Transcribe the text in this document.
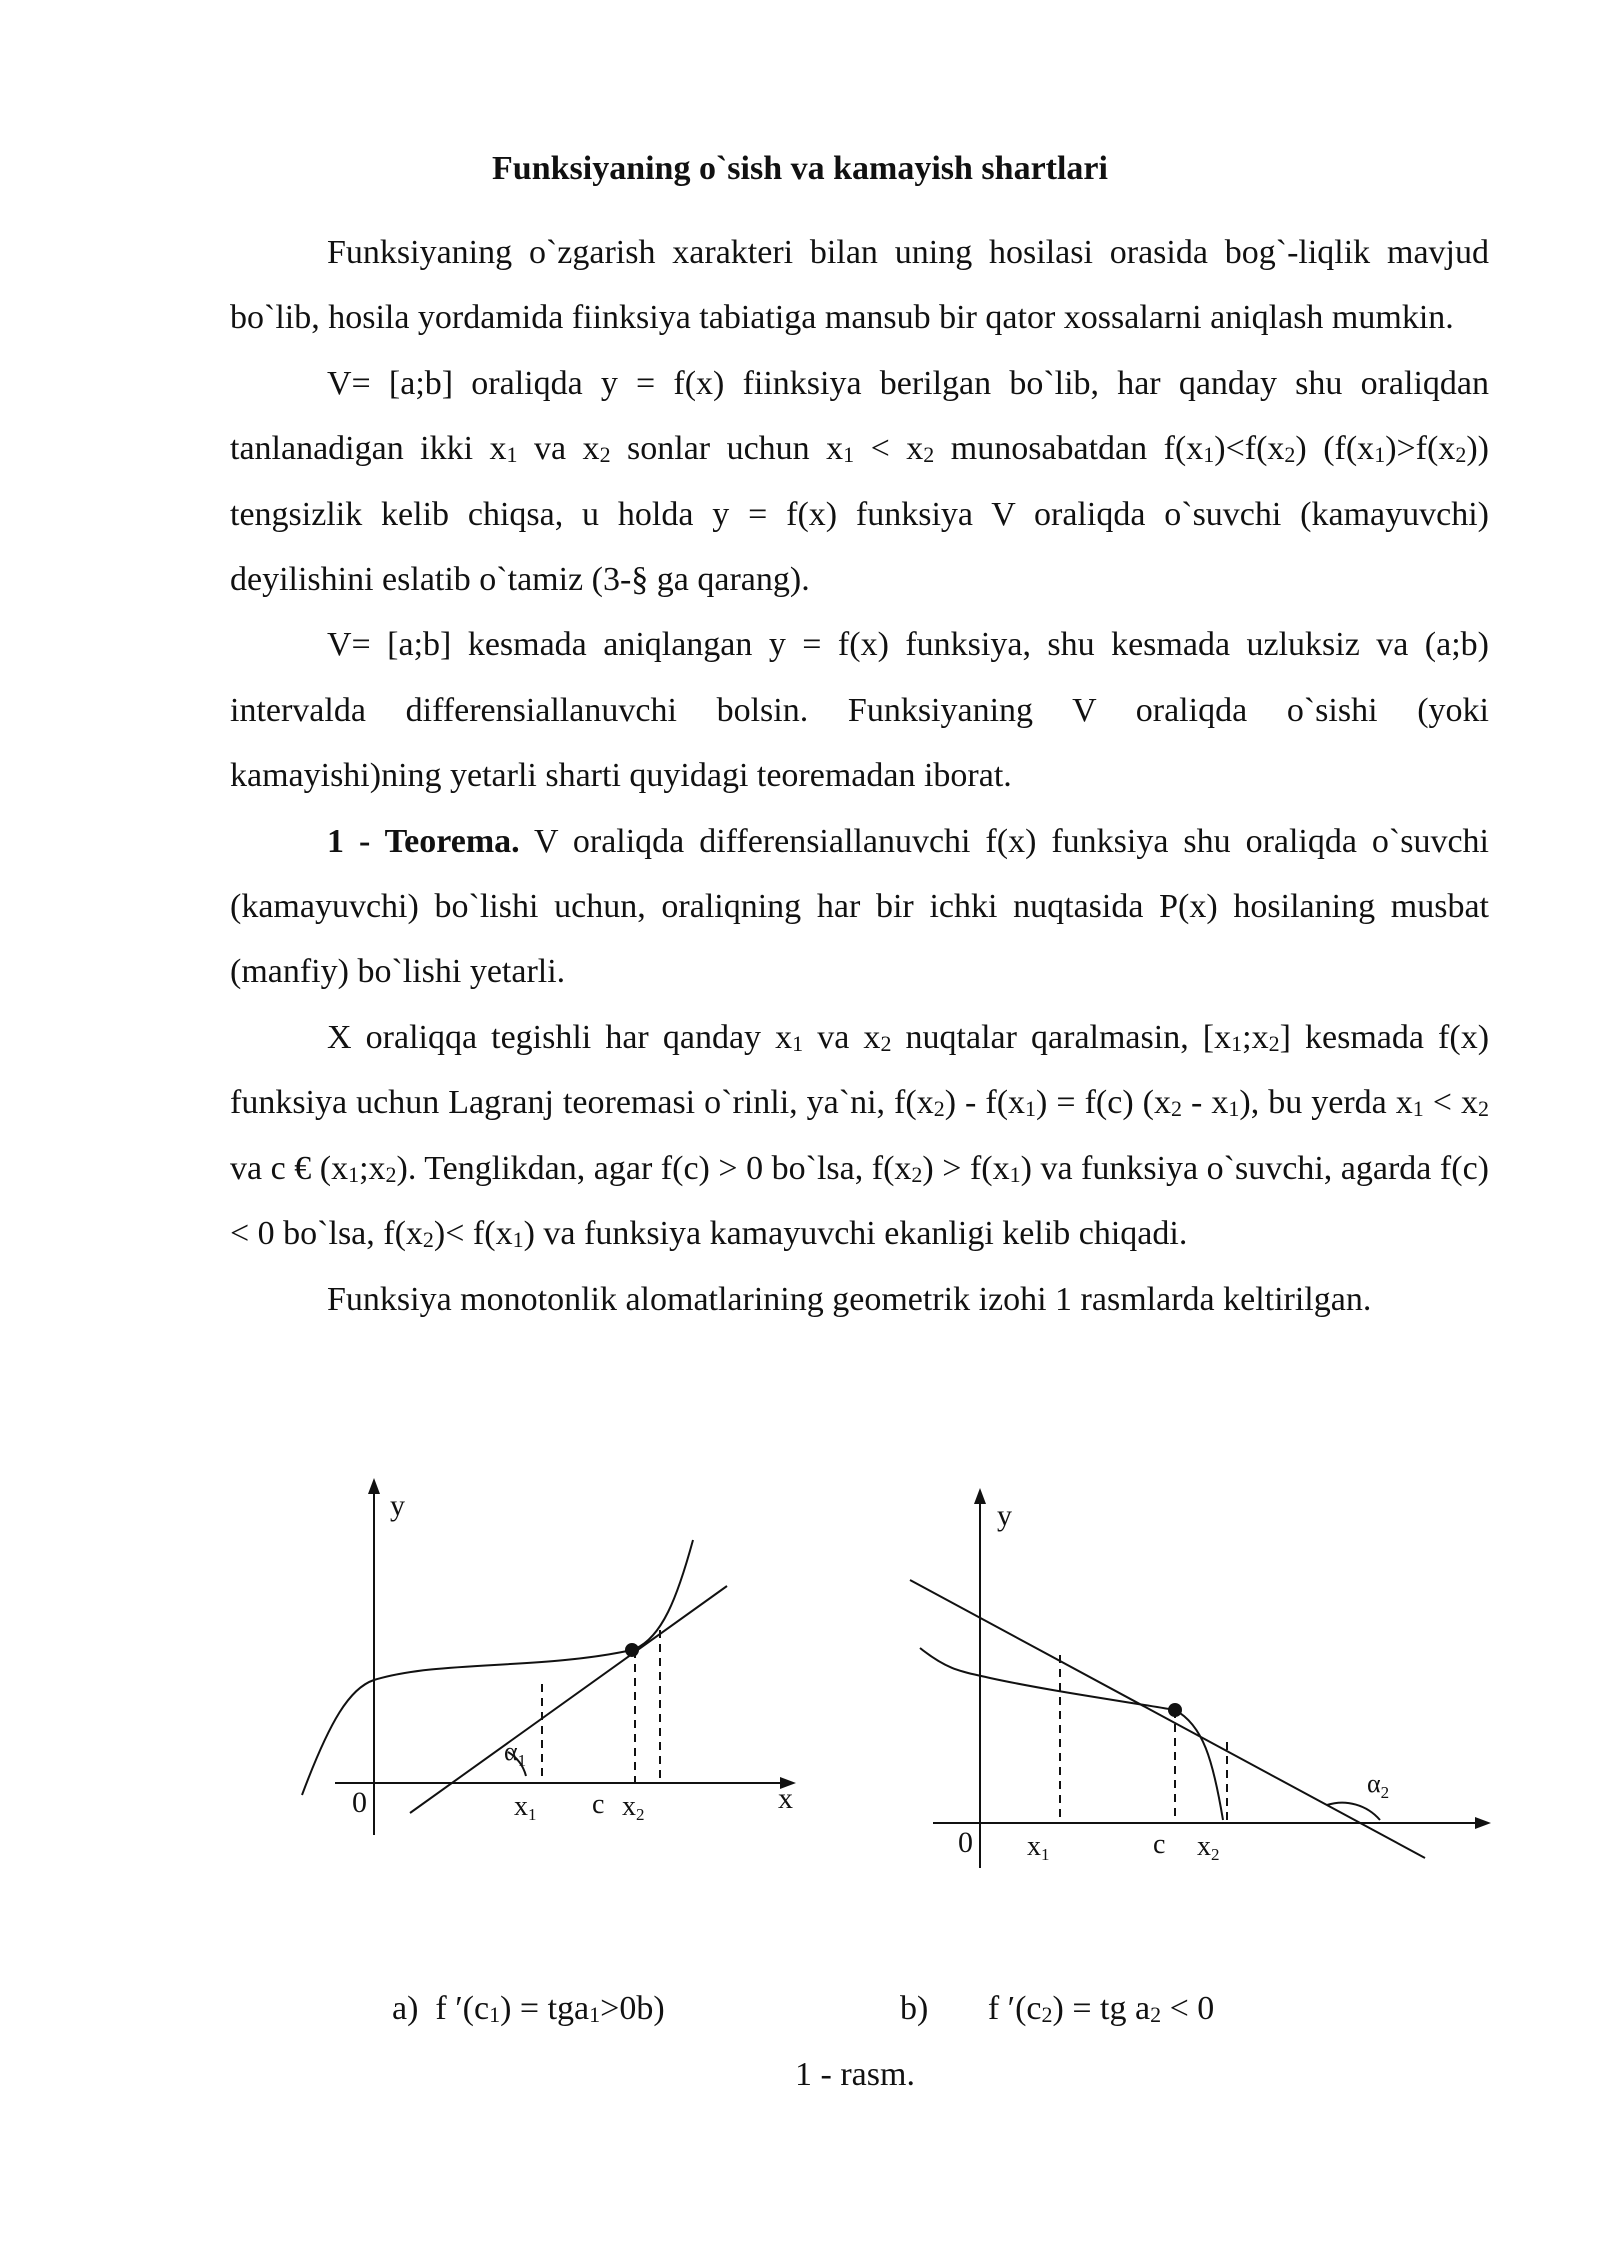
Funksiyaning o`sish va kamayish shartlari

Funksiyaning o`zgarish xarakteri bilan uning hosilasi orasida bog`-liqlik mavjud bo`lib, hosila yordamida fiinksiya tabiatiga mansub bir qator xossalarni aniqlash mumkin.

V= [a;b] oraliqda y = f(x) fiinksiya berilgan bo`lib, har qanday shu oraliqdan tanlanadigan ikki $x_1$ va $x_2$ sonlar uchun $x_1 < x_2$ munosabatdan $f(x_1)<f(x_2)$ $(f(x_1)>f(x_2))$ tengsizlik kelib chiqsa, u holda y = f(x) funksiya V oraliqda o`suvchi (kamayuvchi) deyilishini eslatib o`tamiz (3-§ ga qarang).

V= [a;b] kesmada aniqlangan y = f(x) funksiya, shu kesmada uzluksiz va (a;b) intervalda differensiallanuvchi bolsin. Funksiyaning V oraliqda o`sishi (yoki kamayishi)ning yetarli sharti quyidagi teoremadan iborat.

1 - Teorema. V oraliqda differensiallanuvchi f(x) funksiya shu oraliqda o`suvchi (kamayuvchi) bo`lishi uchun, oraliqning har bir ichki nuqtasida P(x) hosilaning musbat (manfiy) bo`lishi yetarli.

X oraliqqa tegishli har qanday $x_1$ va $x_2$ nuqtalar qaralmasin, $[x_1;x_2]$ kesmada f(x) funksiya uchun Lagranj teoremasi o`rinli, ya`ni, $f(x_2) - f(x_1) = f(c)$ $(x_2 - x_1)$, bu yerda $x_1 < x_2$ va c € $(x_1;x_2)$. Tenglikdan, agar f(c) > 0 bo`lsa, $f(x_2) > f(x_1)$ va funksiya o`suvchi, agarda f(c) < 0 bo`lsa, $f(x_2)< f(x_1)$ va funksiya kamayuvchi ekanligi kelib chiqadi.

Funksiya monotonlik alomatlarining geometrik izohi 1 rasmlarda keltirilgan.

y
x
0
$\alpha_1$
x1 c x2
y
0
$\alpha_2$
x1	c x2
a) f $'(c_1) = tga_1>0b$)	b) f $'(c_2)$ = tg $a_2 < 0$
1 - rasm.
